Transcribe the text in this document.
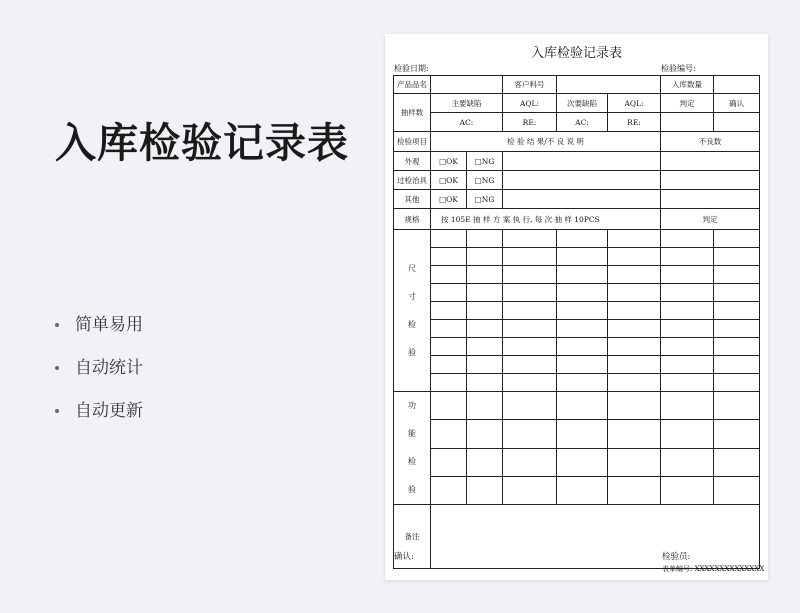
入库检验记录表
简单易用
自动统计
自动更新
入库检验记录表
检验日期:	检验编号:
产品品名			客户料号			入库数量	
抽样数	主要缺陷		AQL:	次要缺陷	AQL:	判定	确认
	AC:		RE:	AC:	RE:		
检验项目	检 验 结 果/不 良 说 明					不良数	
外观	□OK	□NG					
过检治具	□OK	□NG					
其他	□OK	□NG					
规格	按 105E 抽 样 方 案 执 行, 每 次 抽 样 10PCS					判定	

尺
寸
检
验							

功
能
检
验							

备注							
确认:	检验员:
表单编号: XXXXXXXXXXXXXX
